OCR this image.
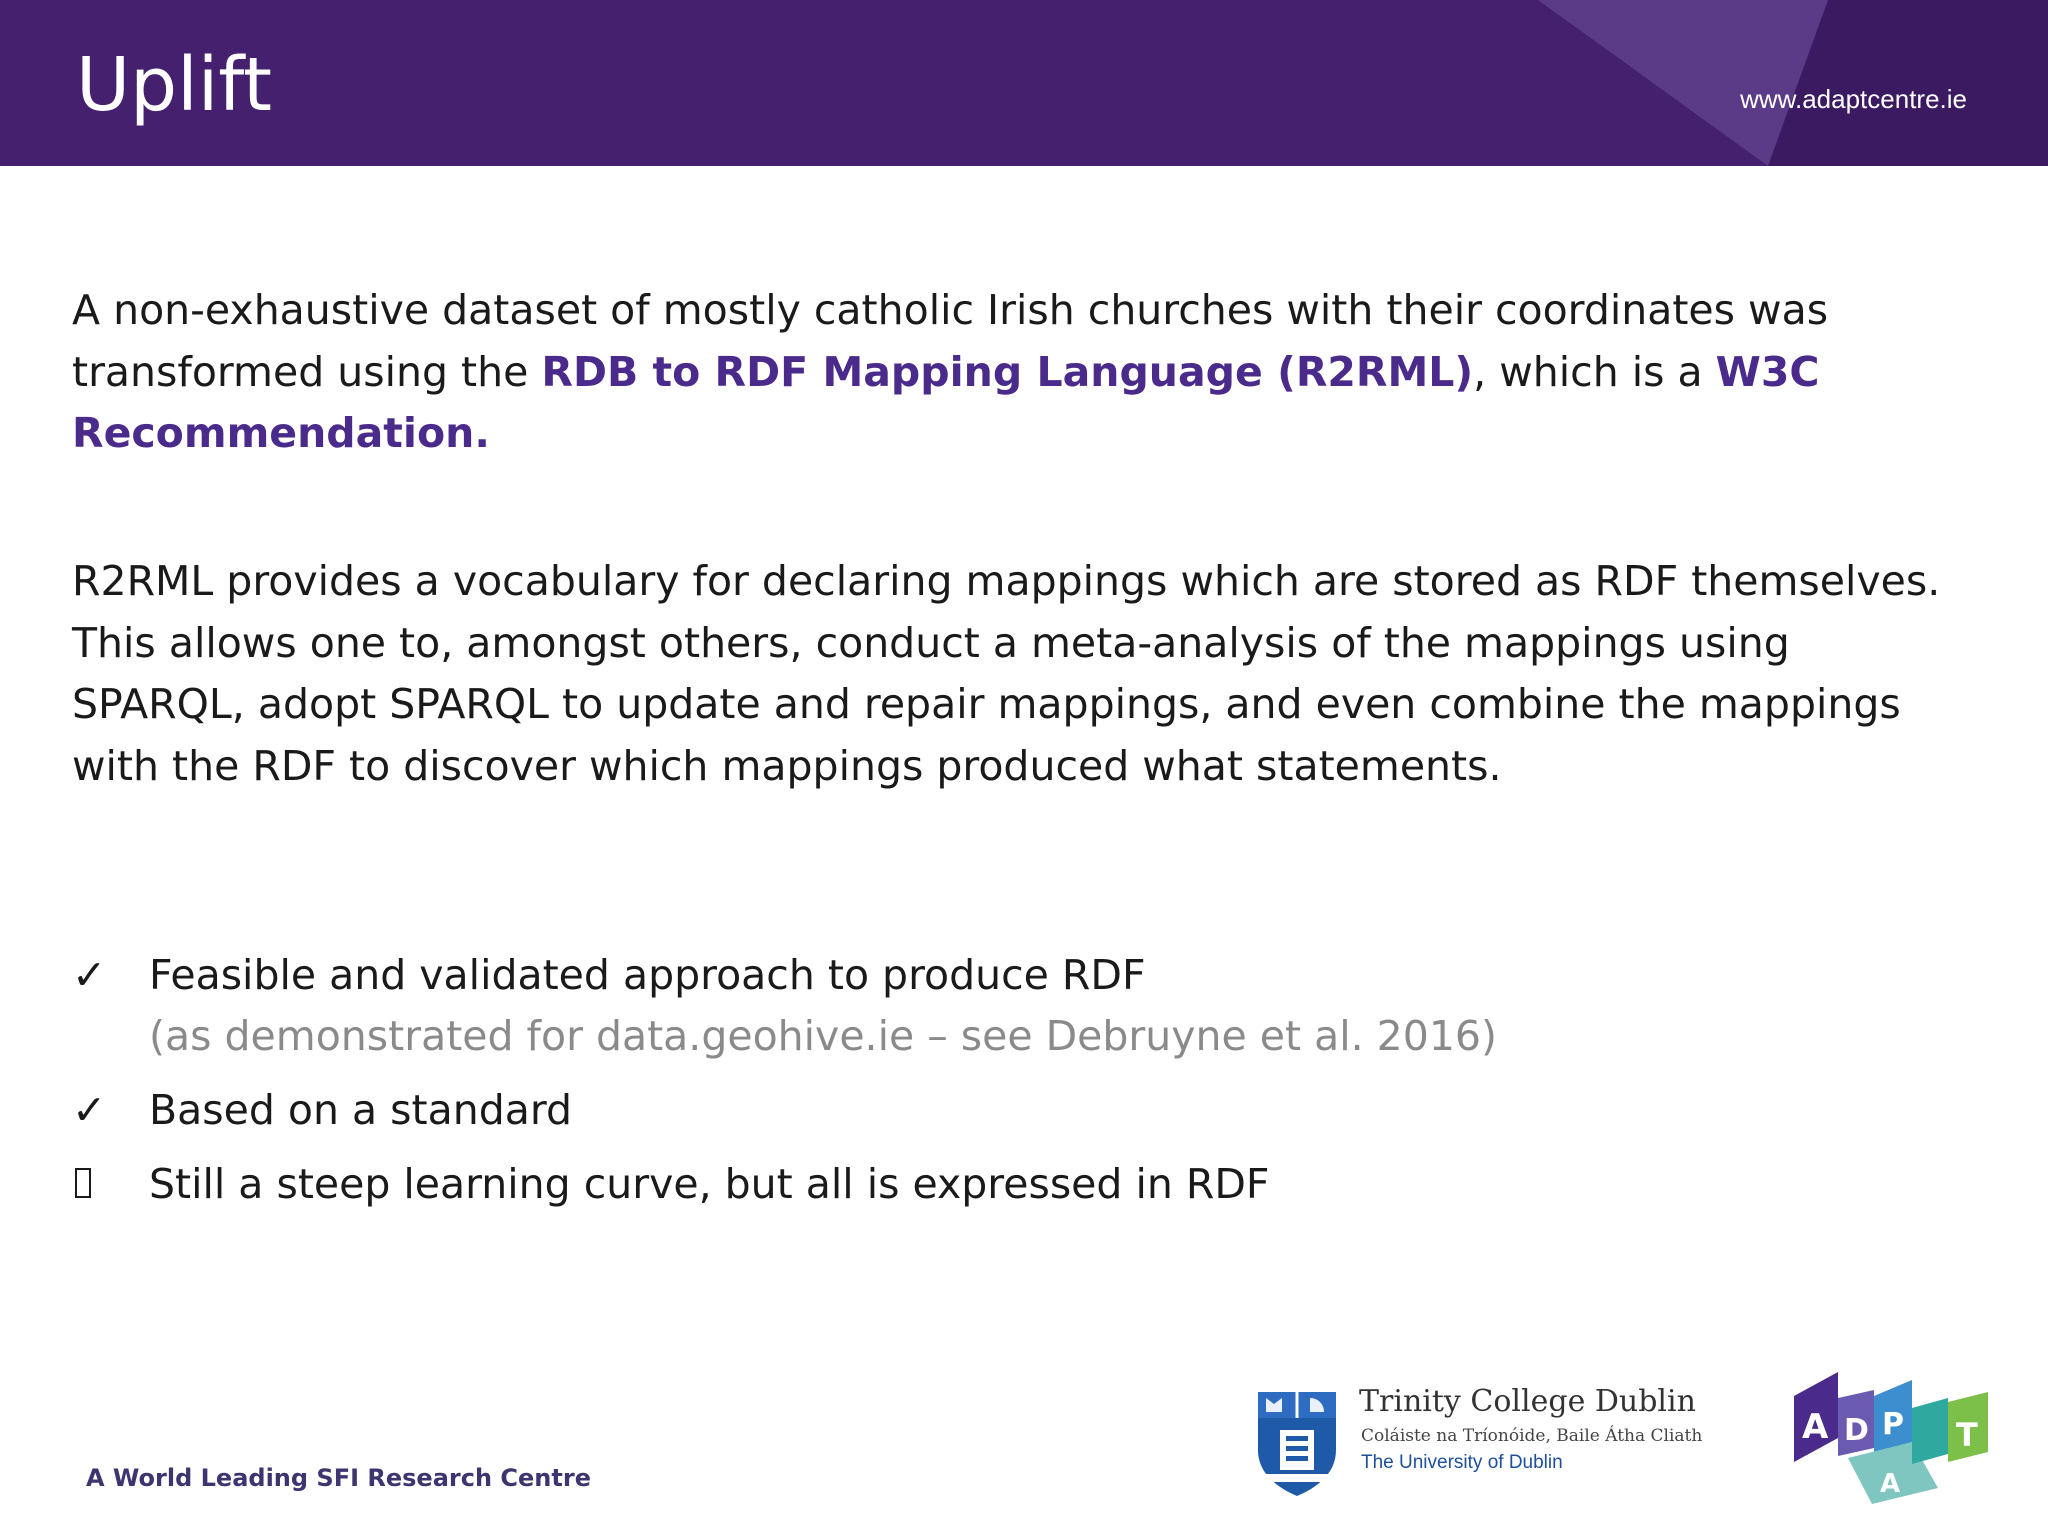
Uplift	www.adaptcentre.ie

A non-exhaustive dataset of mostly catholic Irish churches with their coordinates was transformed using the RDB to RDF Mapping Language (R2RML), which is a W3C Recommendation.

R2RML provides a vocabulary for declaring mappings which are stored as RDF themselves. This allows one to, amongst others, conduct a meta-analysis of the mappings using SPARQL, adopt SPARQL to update and repair mappings, and even combine the mappings with the RDF to discover which mappings produced what statements.

✓	Feasible and validated approach to produce RDF
(as demonstrated for data.geohive.ie – see Debruyne et al. 2016)
✓	Based on a standard
Still a steep learning curve, but all is expressed in RDF
A World Leading SFI Research Centre
Trinity College Dublin
Coláiste na Tríonóide, Baile Átha Cliath
The University of Dublin
A D
A
P T
